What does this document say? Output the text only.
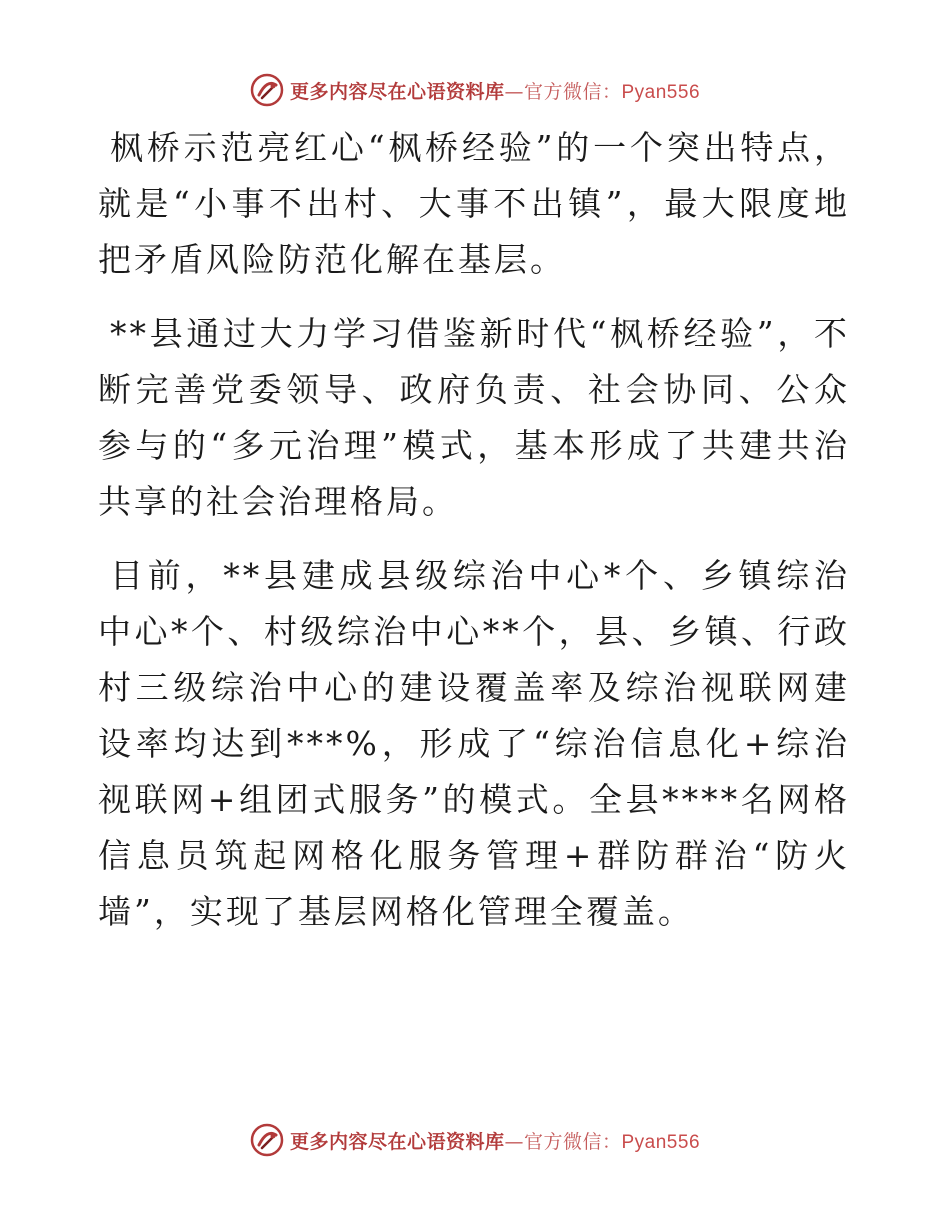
更多内容尽在心语资料库—官方微信：Pyan556

枫桥示范亮红心“枫桥经验”的一个突出特点，就是“小事不出村、大事不出镇”，最大限度地把矛盾风险防范化解在基层。

**县通过大力学习借鉴新时代“枫桥经验”，不断完善党委领导、政府负责、社会协同、公众参与的“多元治理”模式，基本形成了共建共治共享的社会治理格局。

目前，**县建成县级综治中心*个、乡镇综治中心*个、村级综治中心**个，县、乡镇、行政村三级综治中心的建设覆盖率及综治视联网建设率均达到***%，形成了“综治信息化+综治视联网+组团式服务”的模式。全县****名网格信息员筑起网格化服务管理+群防群治“防火墙”，实现了基层网格化管理全覆盖。

更多内容尽在心语资料库—官方微信：Pyan556
